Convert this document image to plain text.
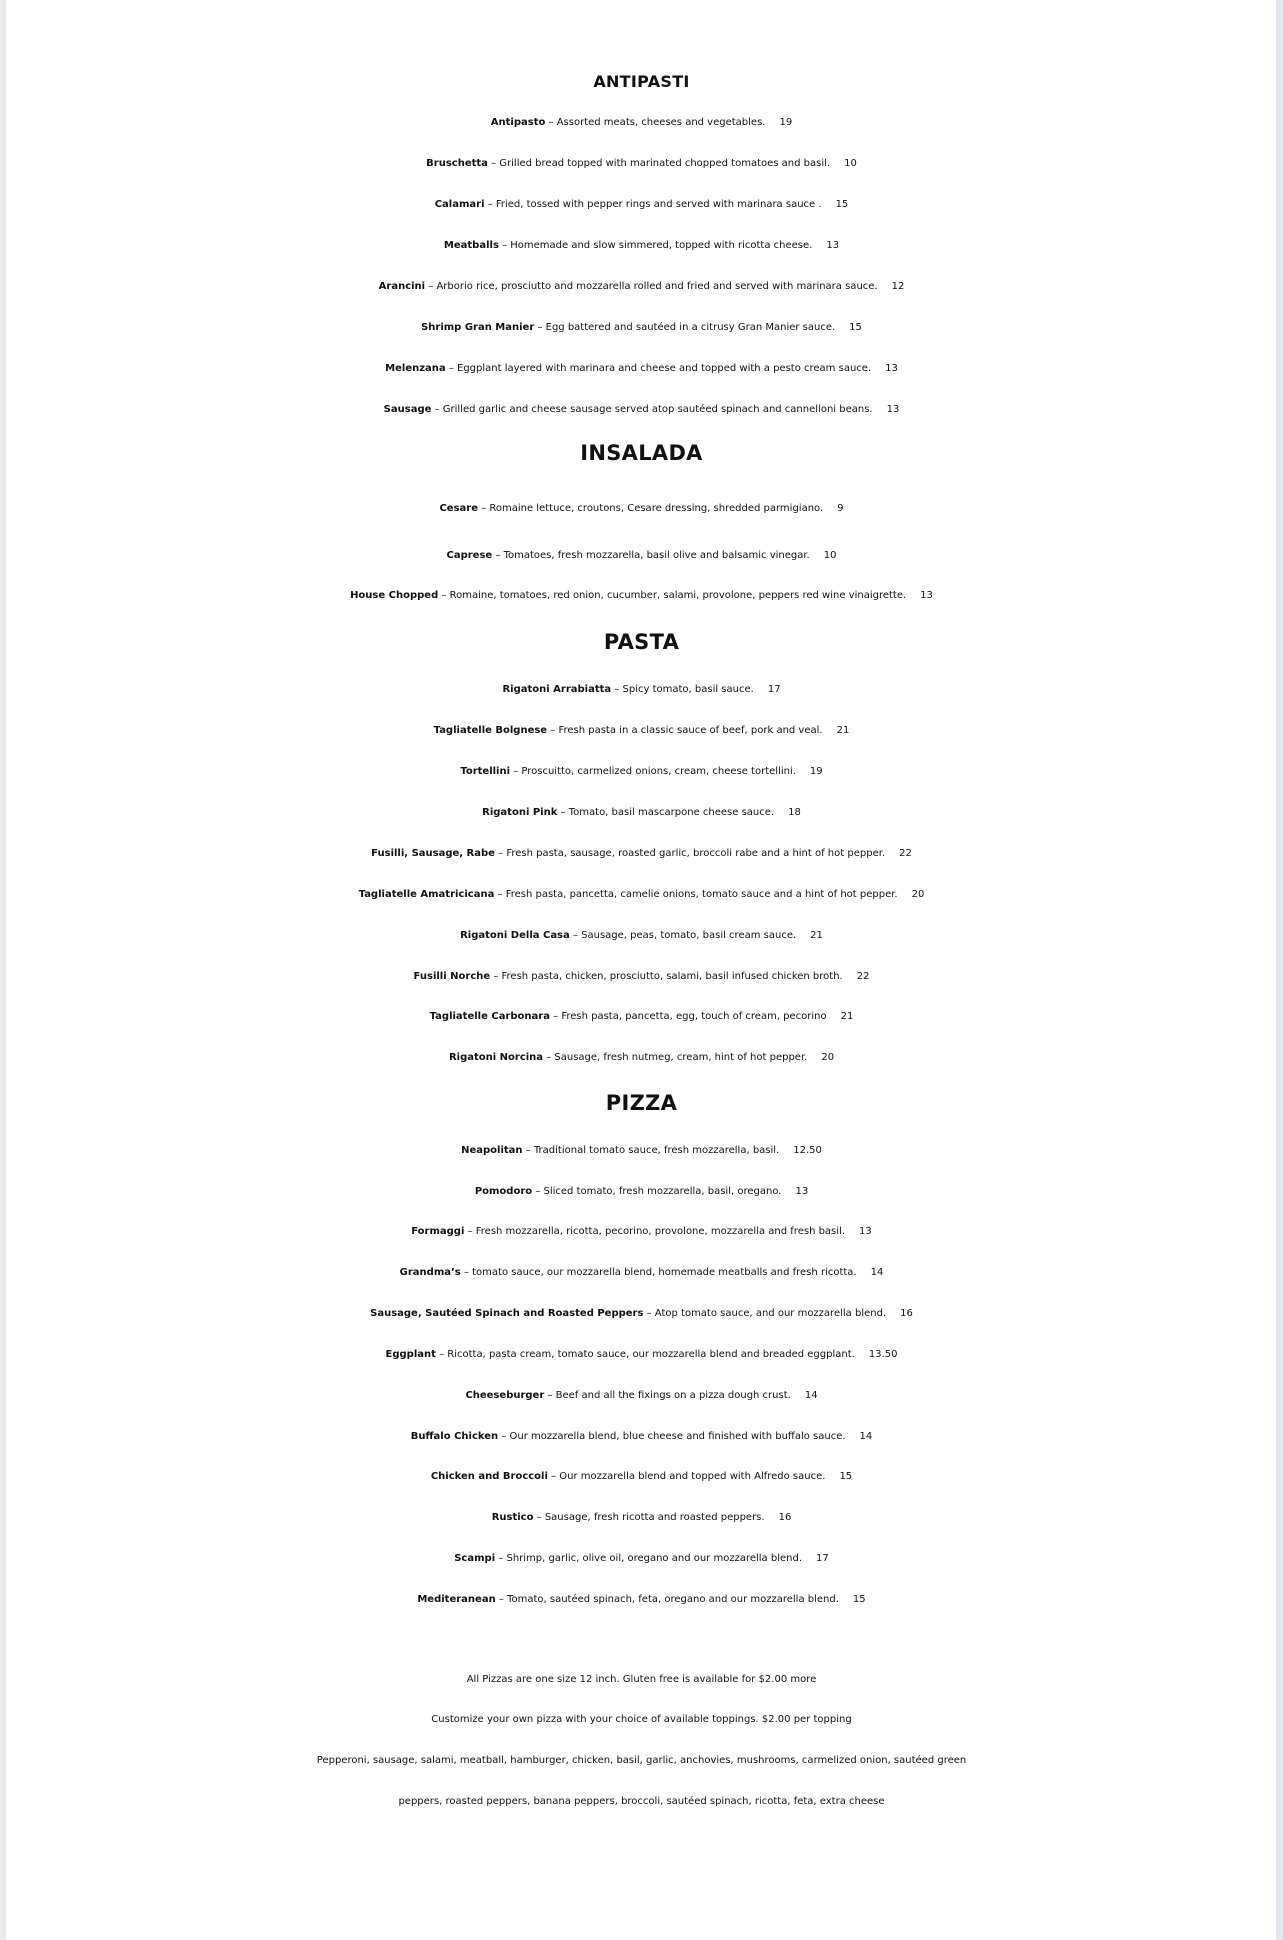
ANTIPASTI
Antipasto – Assorted meats, cheeses and vegetables. 19
Bruschetta – Grilled bread topped with marinated chopped tomatoes and basil. 10
Calamari – Fried, tossed with pepper rings and served with marinara sauce . 15
Meatballs – Homemade and slow simmered, topped with ricotta cheese. 13
Arancini – Arborio rice, prosciutto and mozzarella rolled and fried and served with marinara sauce. 12
Shrimp Gran Manier – Egg battered and sautéed in a citrusy Gran Manier sauce. 15
Melenzana – Eggplant layered with marinara and cheese and topped with a pesto cream sauce. 13
Sausage – Grilled garlic and cheese sausage served atop sautéed spinach and cannelloni beans. 13
INSALADA
Cesare – Romaine lettuce, croutons, Cesare dressing, shredded parmigiano. 9
Caprese – Tomatoes, fresh mozzarella, basil olive and balsamic vinegar. 10
House Chopped – Romaine, tomatoes, red onion, cucumber, salami, provolone, peppers red wine vinaigrette. 13
PASTA
Rigatoni Arrabiatta – Spicy tomato, basil sauce. 17
Tagliatelle Bolgnese – Fresh pasta in a classic sauce of beef, pork and veal. 21
Tortellini – Proscuitto, carmelized onions, cream, cheese tortellini. 19
Rigatoni Pink – Tomato, basil mascarpone cheese sauce. 18
Fusilli, Sausage, Rabe – Fresh pasta, sausage, roasted garlic, broccoli rabe and a hint of hot pepper. 22
Tagliatelle Amatricicana – Fresh pasta, pancetta, camelie onions, tomato sauce and a hint of hot pepper. 20
Rigatoni Della Casa – Sausage, peas, tomato, basil cream sauce. 21
Fusilli Norche – Fresh pasta, chicken, prosciutto, salami, basil infused chicken broth. 22
Tagliatelle Carbonara – Fresh pasta, pancetta, egg, touch of cream, pecorino 21
Rigatoni Norcina – Sausage, fresh nutmeg, cream, hint of hot pepper. 20
PIZZA
Neapolitan – Traditional tomato sauce, fresh mozzarella, basil. 12.50
Pomodoro – Sliced tomato, fresh mozzarella, basil, oregano. 13
Formaggi – Fresh mozzarella, ricotta, pecorino, provolone, mozzarella and fresh basil. 13
Grandma’s – tomato sauce, our mozzarella blend, homemade meatballs and fresh ricotta. 14
Sausage, Sautéed Spinach and Roasted Peppers – Atop tomato sauce, and our mozzarella blend. 16
Eggplant – Ricotta, pasta cream, tomato sauce, our mozzarella blend and breaded eggplant. 13.50
Cheeseburger – Beef and all the fixings on a pizza dough crust. 14
Buffalo Chicken – Our mozzarella blend, blue cheese and finished with buffalo sauce. 14
Chicken and Broccoli – Our mozzarella blend and topped with Alfredo sauce. 15
Rustico – Sausage, fresh ricotta and roasted peppers. 16
Scampi – Shrimp, garlic, olive oil, oregano and our mozzarella blend. 17
Mediteranean – Tomato, sautéed spinach, feta, oregano and our mozzarella blend. 15
All Pizzas are one size 12 inch. Gluten free is available for $2.00 more
Customize your own pizza with your choice of available toppings. $2.00 per topping
Pepperoni, sausage, salami, meatball, hamburger, chicken, basil, garlic, anchovies, mushrooms, carmelized onion, sautéed green
peppers, roasted peppers, banana peppers, broccoli, sautéed spinach, ricotta, feta, extra cheese
